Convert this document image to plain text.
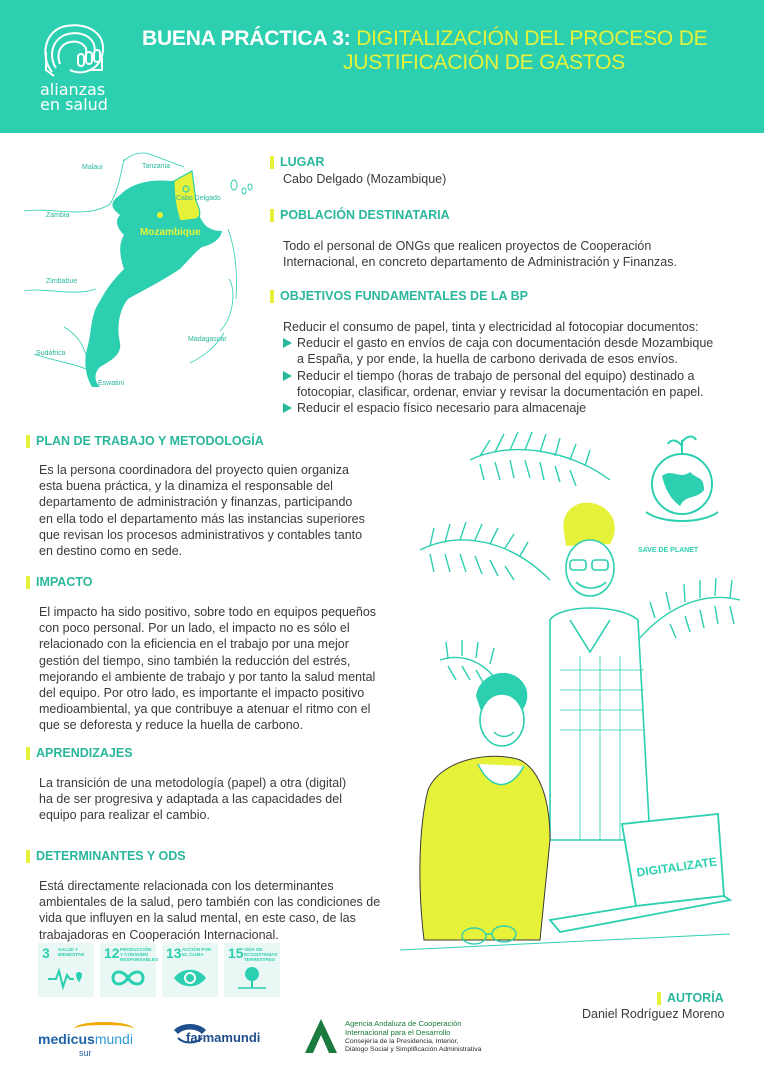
alianzas
en salud
BUENA PRÁCTICA 3: DIGITALIZACIÓN DEL PROCESO DE
JUSTIFICACIÓN DE GASTOS
Malaui	Tanzania
Cabo Delgado
Zambia
Zimbabue
Madagascar
Sudáfrica
Eswatini
Mozambique
LUGAR
Cabo Delgado (Mozambique)
POBLACIÓN DESTINATARIA
Todo el personal de ONGs que realicen proyectos de Cooperación
Internacional, en concreto departamento de Administración y Finanzas.
OBJETIVOS FUNDAMENTALES DE LA BP
Reducir el consumo de papel, tinta y electricidad al fotocopiar documentos:
Reducir el gasto en envíos de caja con documentación desde Mozambique
a España, y por ende, la huella de carbono derivada de esos envíos.
Reducir el tiempo (horas de trabajo de personal del equipo) destinado a
fotocopiar, clasificar, ordenar, enviar y revisar la documentación en papel.
Reducir el espacio físico necesario para almacenaje
PLAN DE TRABAJO Y METODOLOGÍA
Es la persona coordinadora del proyecto quien organiza
esta buena práctica, y la dinamiza el responsable del
departamento de administración y finanzas, participando
en ella todo el departamento más las instancias superiores
que revisan los procesos administrativos y contables tanto
en destino como en sede.
IMPACTO
El impacto ha sido positivo, sobre todo en equipos pequeños
con poco personal. Por un lado, el impacto no es sólo el
relacionado con la eficiencia en el trabajo por una mejor
gestión del tiempo, sino también la reducción del estrés,
mejorando el ambiente de trabajo y por tanto la salud mental
del equipo. Por otro lado, es importante el impacto positivo
medioambiental, ya que contribuye a atenuar el ritmo con el
que se deforesta y reduce la huella de carbono.
APRENDIZAJES
La transición de una metodología (papel) a otra (digital)
ha de ser progresiva y adaptada a las capacidades del
equipo para realizar el cambio.
DETERMINANTES Y ODS
Está directamente relacionada con los determinantes
ambientales de la salud, pero también con las condiciones de
vida que influyen en la salud mental, en este caso, de las
trabajadoras en Cooperación Internacional.
3 SALUD Y BIENESTAR	12 PRODUCCIÓN Y CONSUMO RESPONSABLES 13 ACCIÓN POR EL CLIMA	15 VIDA DE ECOSISTEMAS TERRESTRES
SAVE DE PLANET
DIGITALIZATE
AUTORÍA
Daniel Rodríguez Moreno
medicusmundi
sur
farmamundi
Agencia Andaluza de Cooperación
Internacional para el Desarrollo
Consejería de la Presidencia, Interior,
Diálogo Social y Simplificación Administrativa
